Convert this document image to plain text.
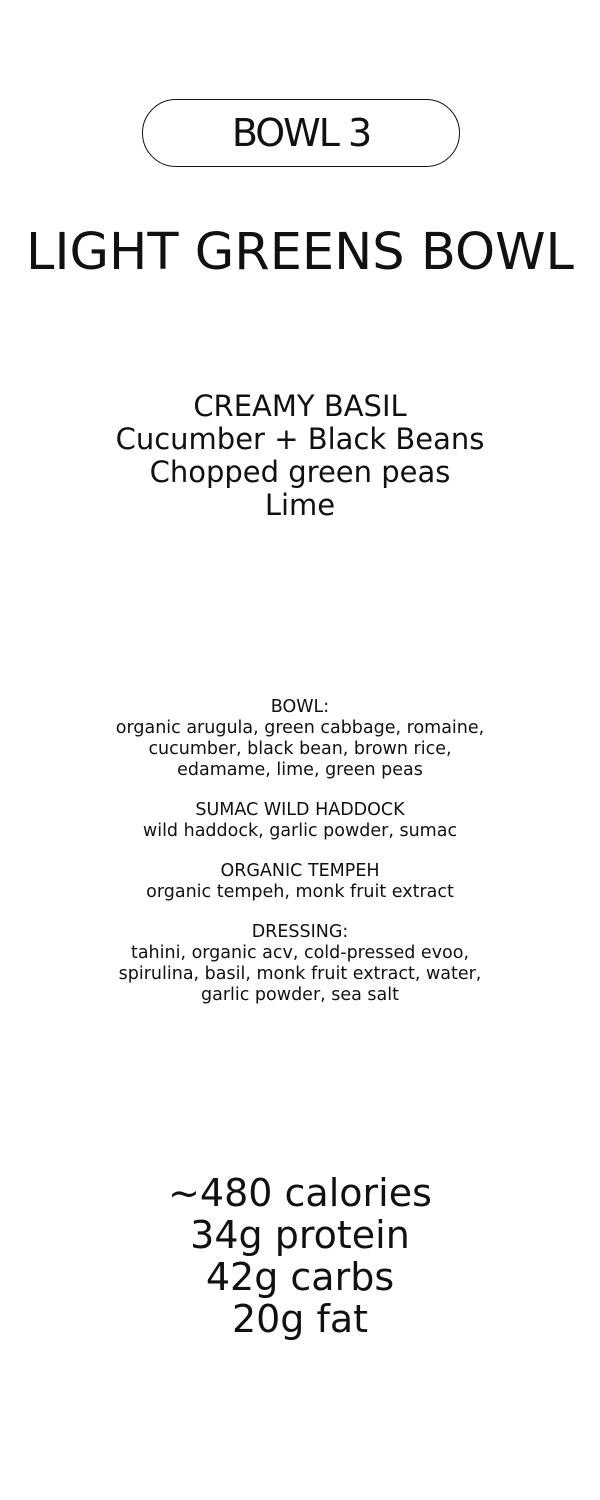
BOWL 3
LIGHT GREENS BOWL
CREAMY BASIL
Cucumber + Black Beans
Chopped green peas
Lime
BOWL:
organic arugula, green cabbage, romaine,
cucumber, black bean, brown rice,
edamame, lime, green peas
SUMAC WILD HADDOCK
wild haddock, garlic powder, sumac
ORGANIC TEMPEH
organic tempeh, monk fruit extract
DRESSING:
tahini, organic acv, cold-pressed evoo,
spirulina, basil, monk fruit extract, water,
garlic powder, sea salt
~480 calories
34g protein
42g carbs
20g fat
